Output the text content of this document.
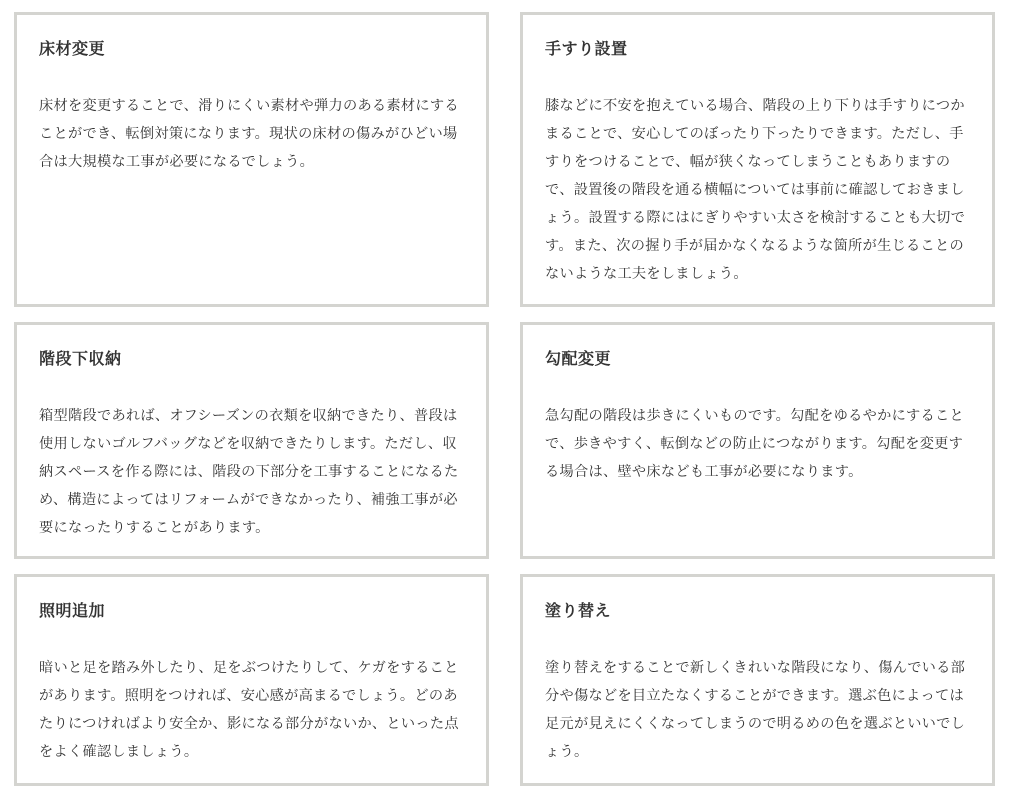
床材変更

床材を変更することで、滑りにくい素材や弾力のある素材にすることができ、転倒対策になります。現状の床材の傷みがひどい場合は大規模な工事が必要になるでしょう。

手すり設置

膝などに不安を抱えている場合、階段の上り下りは手すりにつかまることで、安心してのぼったり下ったりできます。ただし、手すりをつけることで、幅が狭くなってしまうこともありますので、設置後の階段を通る横幅については事前に確認しておきましょう。設置する際にはにぎりやすい太さを検討することも大切です。また、次の握り手が届かなくなるような箇所が生じることのないような工夫をしましょう。

階段下収納

箱型階段であれば、オフシーズンの衣類を収納できたり、普段は使用しないゴルフバッグなどを収納できたりします。ただし、収納スペースを作る際には、階段の下部分を工事することになるため、構造によってはリフォームができなかったり、補強工事が必要になったりすることがあります。

勾配変更

急勾配の階段は歩きにくいものです。勾配をゆるやかにすることで、歩きやすく、転倒などの防止につながります。勾配を変更する場合は、壁や床なども工事が必要になります。

照明追加

暗いと足を踏み外したり、足をぶつけたりして、ケガをすることがあります。照明をつければ、安心感が高まるでしょう。どのあたりにつければより安全か、影になる部分がないか、といった点をよく確認しましょう。

塗り替え

塗り替えをすることで新しくきれいな階段になり、傷んでいる部分や傷などを目立たなくすることができます。選ぶ色によっては足元が見えにくくなってしまうので明るめの色を選ぶといいでしょう。
